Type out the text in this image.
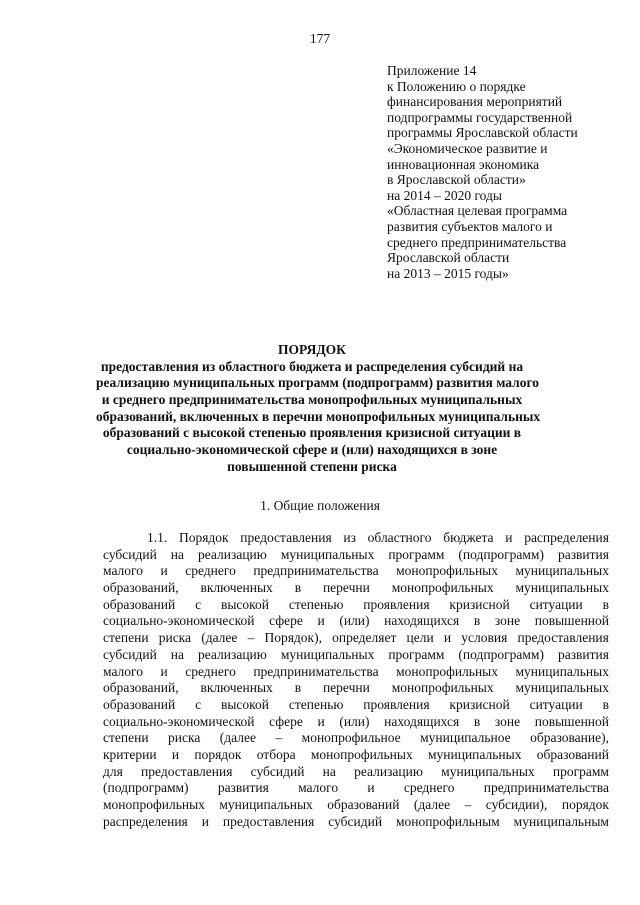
177
Приложение 14
к Положению о порядке
финансирования мероприятий
подпрограммы государственной
программы Ярославской области
«Экономическое развитие и
инновационная экономика
в Ярославской области»
на 2014 – 2020 годы
«Областная целевая программа
развития субъектов малого и
среднего предпринимательства
Ярославской области
на 2013 – 2015 годы»
ПОРЯДОК
предоставления из областного бюджета и распределения субсидий на
реализацию муниципальных программ (подпрограмм) развития малого
и среднего предпринимательства монопрофильных муниципальных
образований, включенных в перечни монопрофильных муниципальных
образований с высокой степенью проявления кризисной ситуации в
социально-экономической сфере и (или) находящихся в зоне
повышенной степени риска
1. Общие положения
1.1. Порядок предоставления из областного бюджета и распределения
субсидий на реализацию муниципальных программ (подпрограмм) развития
малого и среднего предпринимательства монопрофильных муниципальных
образований, включенных в перечни монопрофильных муниципальных
образований с высокой степенью проявления кризисной ситуации в
социально-экономической сфере и (или) находящихся в зоне повышенной
степени риска (далее – Порядок), определяет цели и условия предоставления
субсидий на реализацию муниципальных программ (подпрограмм) развития
малого и среднего предпринимательства монопрофильных муниципальных
образований, включенных в перечни монопрофильных муниципальных
образований с высокой степенью проявления кризисной ситуации в
социально-экономической сфере и (или) находящихся в зоне повышенной
степени риска (далее – монопрофильное муниципальное образование),
критерии и порядок отбора монопрофильных муниципальных образований
для предоставления субсидий на реализацию муниципальных программ
(подпрограмм) развития малого и среднего предпринимательства
монопрофильных муниципальных образований (далее – субсидии), порядок
распределения и предоставления субсидий монопрофильным муниципальным
